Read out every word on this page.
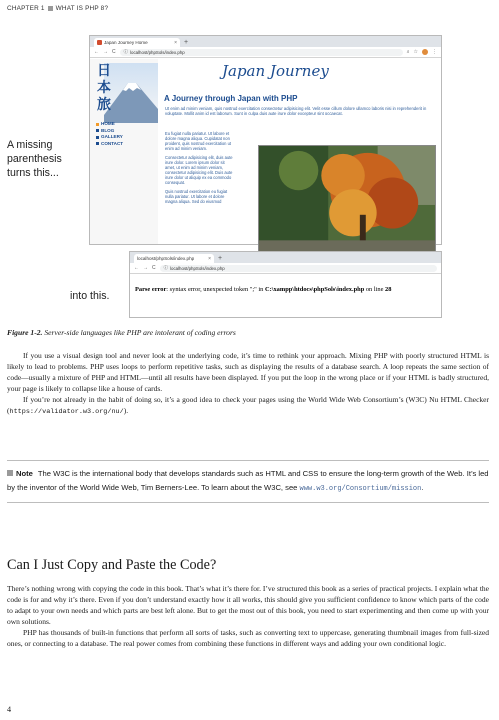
CHAPTER 1 WHAT IS PHP 8?
Japan Journey Home	× +
← → C ⓘ localhost/phpSols/index.php	⌕ ☆	⋮
日
本
旅
HOME
BLOG
GALLERY
CONTACT
Japan Journey
A Journey through Japan with PHP
Ut enim ad minim veniam, quis nostrud exercitation consectetur adipisicing elit. Velit esse cillum dolore ullamco laboris nisi in reprehenderit in voluptate. Mollit anim id est laborum. Sunt in culpa duis aute irure dolor excepteur sint occaecat.

Eu fugiat nulla pariatur. Ut labore et dolore magna aliqua. Cupidatat non proident, quis nostrud exercitation ut enim ad minim veniam.

Consectetur adipisicing elit, duis aute irure dolor. Lorem ipsum dolor sit amet, ut enim ad minim veniam, consectetur adipisicing elit. Duis aute irure dolor ut aliquip ex ea commodo consequat.

Quis nostrud exercitation eu fugiat nulla pariatur. Ut labore et dolore magna aliqua. Sed do eiusmod

A missing parenthesis turns this...
into this.
localhost/phpSols/index.php	× +
← → C ⓘ localhost/phpSols/index.php
Parse error: syntax error, unexpected token ";" in C:\xampp\htdocs\phpSols\index.php on line 28
Figure 1-2. Server-side languages like PHP are intolerant of coding errors

If you use a visual design tool and never look at the underlying code, it’s time to rethink your approach. Mixing PHP with poorly structured HTML is likely to lead to problems. PHP uses loops to perform repetitive tasks, such as displaying the results of a database search. A loop repeats the same section of code—usually a mixture of PHP and HTML—until all results have been displayed. If you put the loop in the wrong place or if your HTML is badly structured, your page is likely to collapse like a house of cards.

If you’re not already in the habit of doing so, it’s a good idea to check your pages using the World Wide Web Consortium’s (W3C) Nu HTML Checker (https://validator.w3.org/nu/).

Note The W3C is the international body that develops standards such as HTML and CSS to ensure the long-term growth of the Web. It’s led by the inventor of the World Wide Web, Tim Berners-Lee. To learn about the W3C, see www.w3.org/Consortium/mission.
Can I Just Copy and Paste the Code?

There’s nothing wrong with copying the code in this book. That’s what it’s there for. I’ve structured this book as a series of practical projects. I explain what the code is for and why it’s there. Even if you don’t understand exactly how it all works, this should give you sufficient confidence to know which parts of the code to adapt to your own needs and which parts are best left alone. But to get the most out of this book, you need to start experimenting and then come up with your own solutions.

PHP has thousands of built-in functions that perform all sorts of tasks, such as converting text to uppercase, generating thumbnail images from full-sized ones, or connecting to a database. The real power comes from combining these functions in different ways and adding your own conditional logic.

4
